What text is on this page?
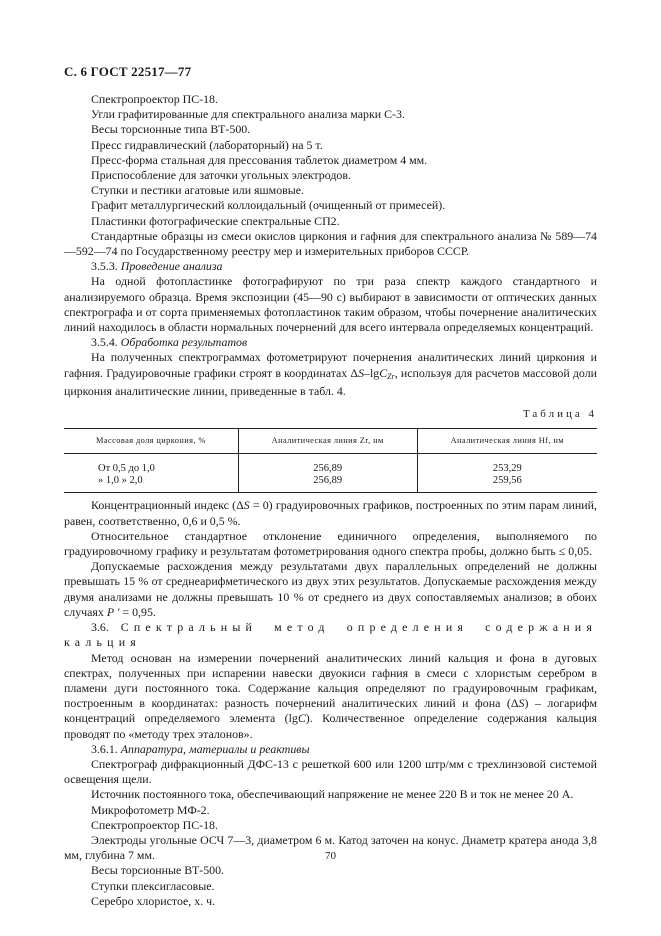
С. 6 ГОСТ 22517—77

Спектропроектор ПС-18.

Угли графитированные для спектрального анализа марки С-3.

Весы торсионные типа ВТ-500.

Пресс гидравлический (лабораторный) на 5 т.

Пресс-форма стальная для прессования таблеток диаметром 4 мм.

Приспособление для заточки угольных электродов.

Ступки и пестики агатовые или яшмовые.

Графит металлургический коллоидальный (очищенный от примесей).

Пластинки фотографические спектральные СП2.

Стандартные образцы из смеси окислов циркония и гафния для спектрального анализа № 589—74—592—74 по Государственному реестру мер и измерительных приборов СССР.

3.5.3. Проведение анализа

На одной фотопластинке фотографируют по три раза спектр каждого стандартного и анализируемого образца. Время экспозиции (45—90 с) выбирают в зависимости от оптических данных спектрографа и от сорта применяемых фотопластинок таким образом, чтобы почернение аналитических линий находилось в области нормальных почернений для всего интервала определяемых концентраций.

3.5.4. Обработка результатов

На полученных спектрограммах фотометрируют почернения аналитических линий циркония и гафния. Градуировочные графики строят в координатах ΔS–lgC$_{Zr}$, используя для расчетов массовой доли циркония аналитические линии, приведенные в табл. 4.

Таблица 4
Массовая доля циркония, %	Аналитическая линия Zr, нм	Аналитическая линия Hf, нм
От 0,5 до 1,0	256,89	253,29
» 1,0 » 2,0	256,89	259,56

Концентрационный индекс (ΔS = 0) градуировочных графиков, построенных по этим парам линий, равен, соответственно, 0,6 и 0,5 %.

Относительное стандартное отклонение единичного определения, выполняемого по градуировочному графику и результатам фотометрирования одного спектра пробы, должно быть ≤ 0,05.

Допускаемые расхождения между результатами двух параллельных определений не должны превышать 15 % от среднеарифметического из двух этих результатов. Допускаемые расхождения между двумя анализами не должны превышать 10 % от среднего из двух сопоставляемых анализов; в обоих случаях P ′ = 0,95.

3.6. Спектральный метод определения содержания кальция

Метод основан на измерении почернений аналитических линий кальция и фона в дуговых спектрах, полученных при испарении навески двуокиси гафния в смеси с хлористым серебром в пламени дуги постоянного тока. Содержание кальция определяют по градуировочным графикам, построенным в координатах: разность почернений аналитических линий и фона (ΔS) – логарифм концентраций определяемого элемента (lgC). Количественное определение содержания кальция проводят по «методу трех эталонов».

3.6.1. Аппаратура, материалы и реактивы

Спектрограф дифракционный ДФС-13 с решеткой 600 или 1200 штр/мм с трехлинзовой системой освещения щели.

Источник постоянного тока, обеспечивающий напряжение не менее 220 В и ток не менее 20 А.

Микрофотометр МФ-2.

Спектропроектор ПС-18.

Электроды угольные ОСЧ 7—3, диаметром 6 м. Катод заточен на конус. Диаметр кратера анода 3,8 мм, глубина 7 мм.

Весы торсионные ВТ-500.

Ступки плексигласовые.

Серебро хлористое, х. ч.

70
